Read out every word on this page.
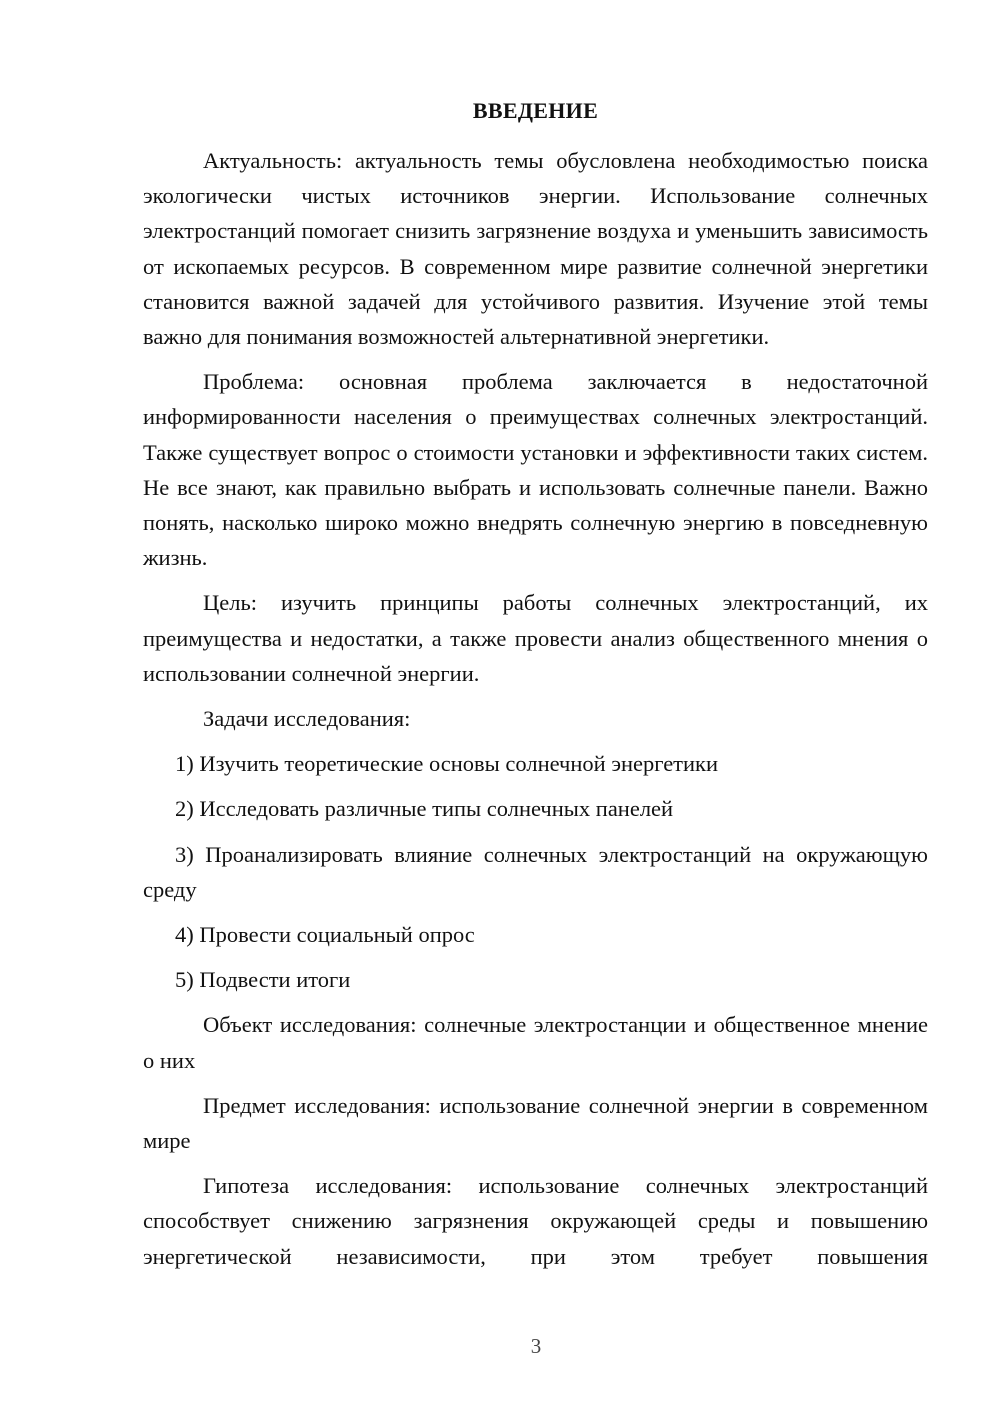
ВВЕДЕНИЕ

Актуальность: актуальность темы обусловлена необходимостью поиска экологически чистых источников энергии. Использование солнечных электростанций помогает снизить загрязнение воздуха и уменьшить зависимость от ископаемых ресурсов. В современном мире развитие солнечной энергетики становится важной задачей для устойчивого развития. Изучение этой темы важно для понимания возможностей альтернативной энергетики.

Проблема: основная проблема заключается в недостаточной информированности населения о преимуществах солнечных электростанций. Также существует вопрос о стоимости установки и эффективности таких систем. Не все знают, как правильно выбрать и использовать солнечные панели. Важно понять, насколько широко можно внедрять солнечную энергию в повседневную жизнь.

Цель: изучить принципы работы солнечных электростанций, их преимущества и недостатки, а также провести анализ общественного мнения о использовании солнечной энергии.

Задачи исследования:

1) Изучить теоретические основы солнечной энергетики

2) Исследовать различные типы солнечных панелей

3) Проанализировать влияние солнечных электростанций на окружающую среду

4) Провести социальный опрос

5) Подвести итоги

Объект исследования: солнечные электростанции и общественное мнение о них

Предмет исследования: использование солнечной энергии в современном мире

Гипотеза исследования: использование солнечных электростанций способствует снижению загрязнения окружающей среды и повышению энергетической независимости, при этом требует повышения

3
